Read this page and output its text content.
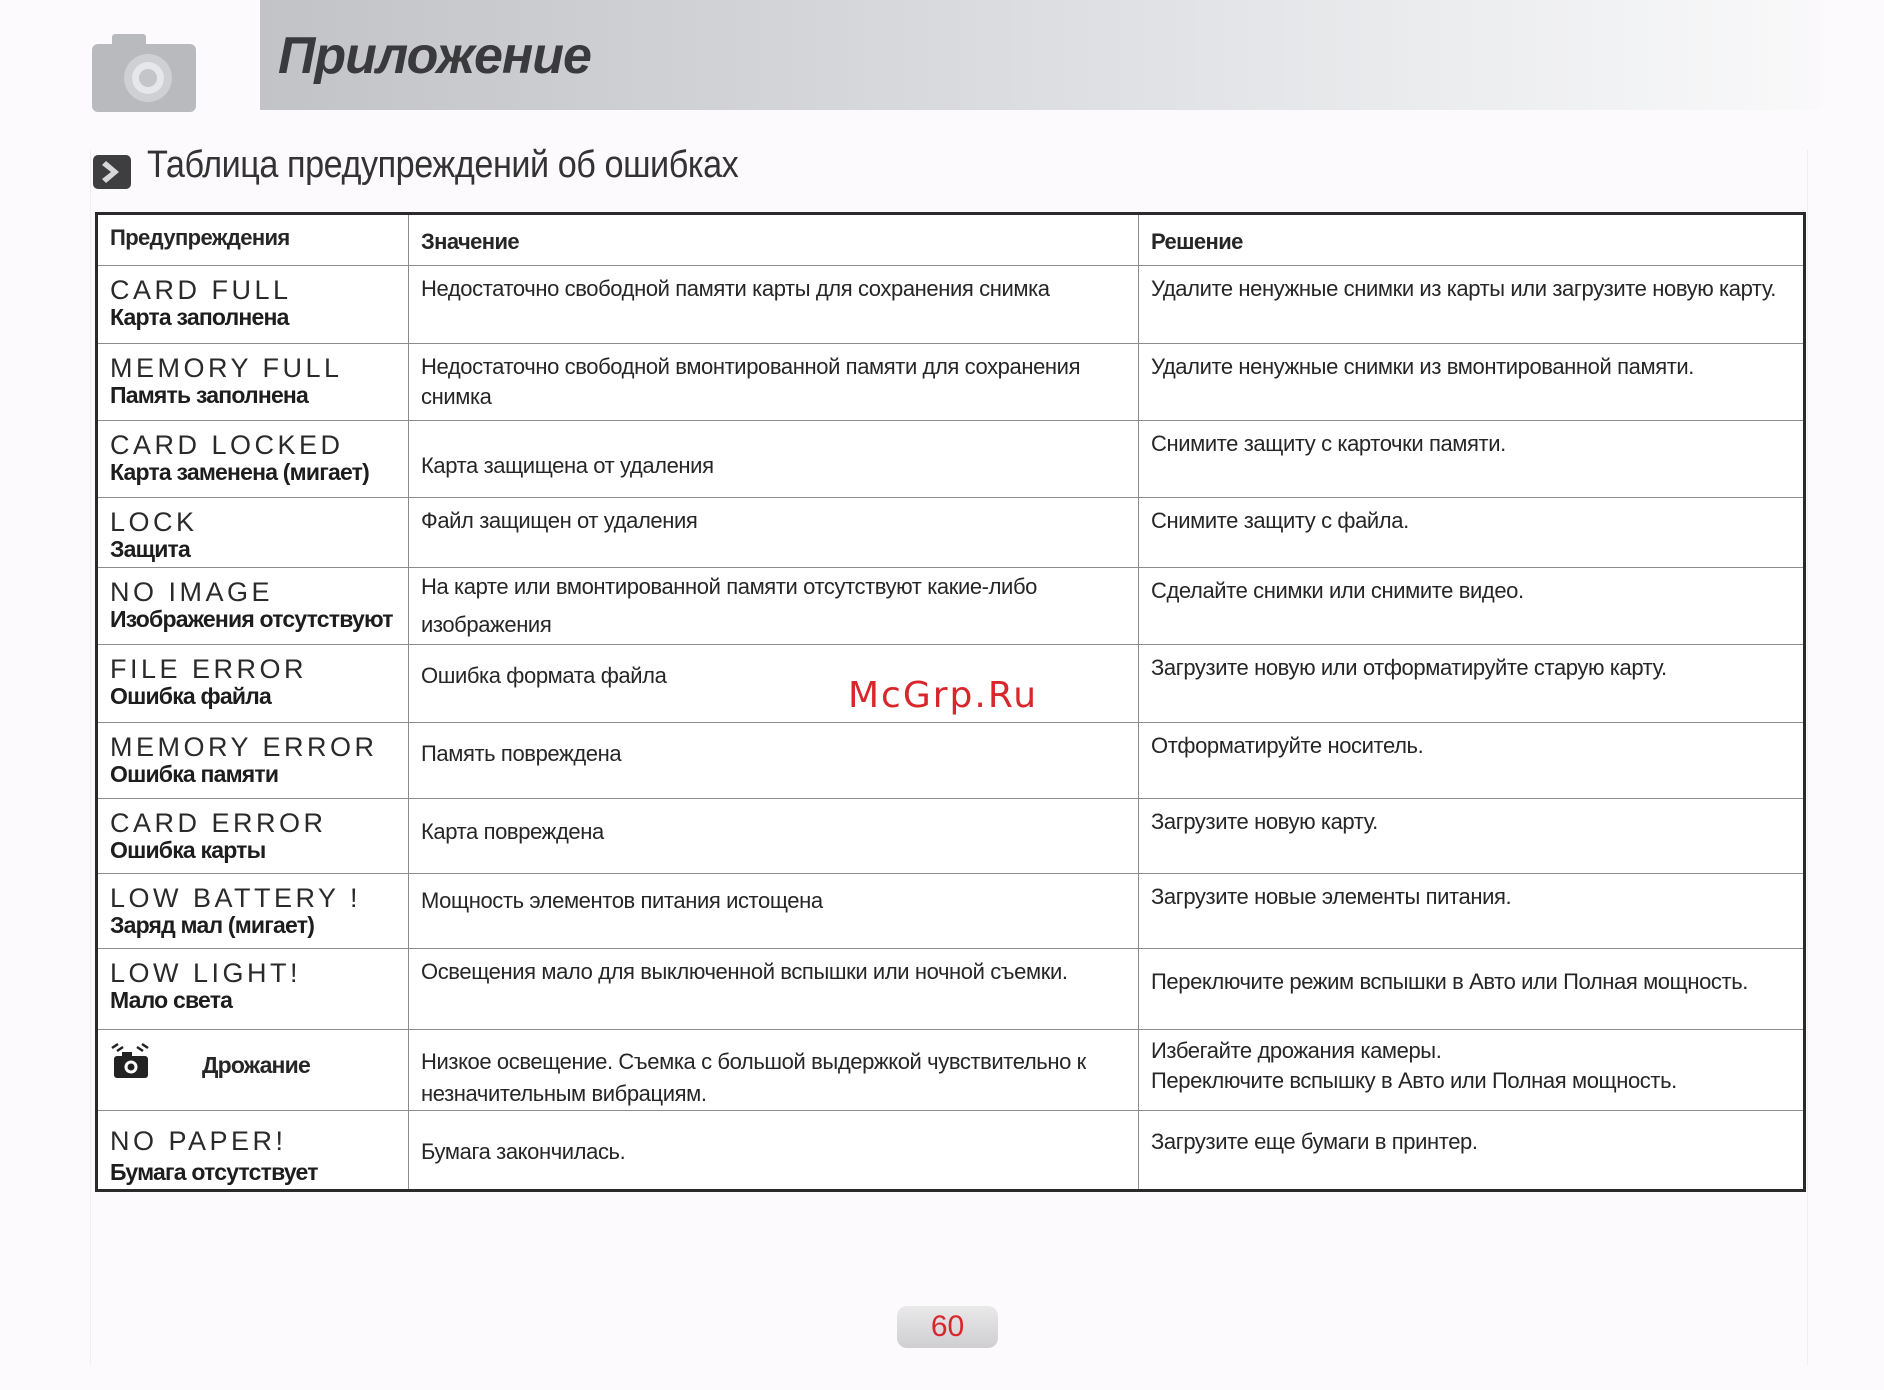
Приложение
Таблица предупреждений об ошибках
Предупреждения	Значение	Решение

CARD FULL
Карта заполнена	Недостаточно свободной памяти карты для сохранения снимка	Удалите ненужные снимки из карты или загрузите новую карту.

MEMORY FULL
Память заполнена	Недостаточно свободной вмонтированной памяти для сохранения снимка	Удалите ненужные снимки из вмонтированной памяти.

CARD LOCKED
Карта заменена (мигает)	Карта защищена от удаления	Снимите защиту с карточки памяти.

LOCK
Защита	Файл защищен от удаления	Снимите защиту с файла.

NO IMAGE
Изображения отсутствуют	На карте или вмонтированной памяти отсутствуют какие-либо изображения	Сделайте снимки или снимите видео.

FILE ERROR
Ошибка файла	Ошибка формата файла	Загрузите новую или отформатируйте старую карту.

MEMORY ERROR
Ошибка памяти	Память повреждена	Отформатируйте носитель.

CARD ERROR
Ошибка карты	Карта повреждена	Загрузите новую карту.

LOW BATTERY !
Заряд мал (мигает)	Мощность элементов питания истощена	Загрузите новые элементы питания.

LOW LIGHT!
Мало света	Освещения мало для выключенной вспышки или ночной съемки.	Переключите режим вспышки в Авто или Полная мощность.

Дрожание	Низкое освещение. Съемка с большой выдержкой чувствительно к незначительным вибрациям.	Избегайте дрожания камеры.
Переключите вспышку в Авто или Полная мощность.

NO PAPER!
Бумага отсутствует	Бумага закончилась.	Загрузите еще бумаги в принтер.
McGrp.Ru
60
